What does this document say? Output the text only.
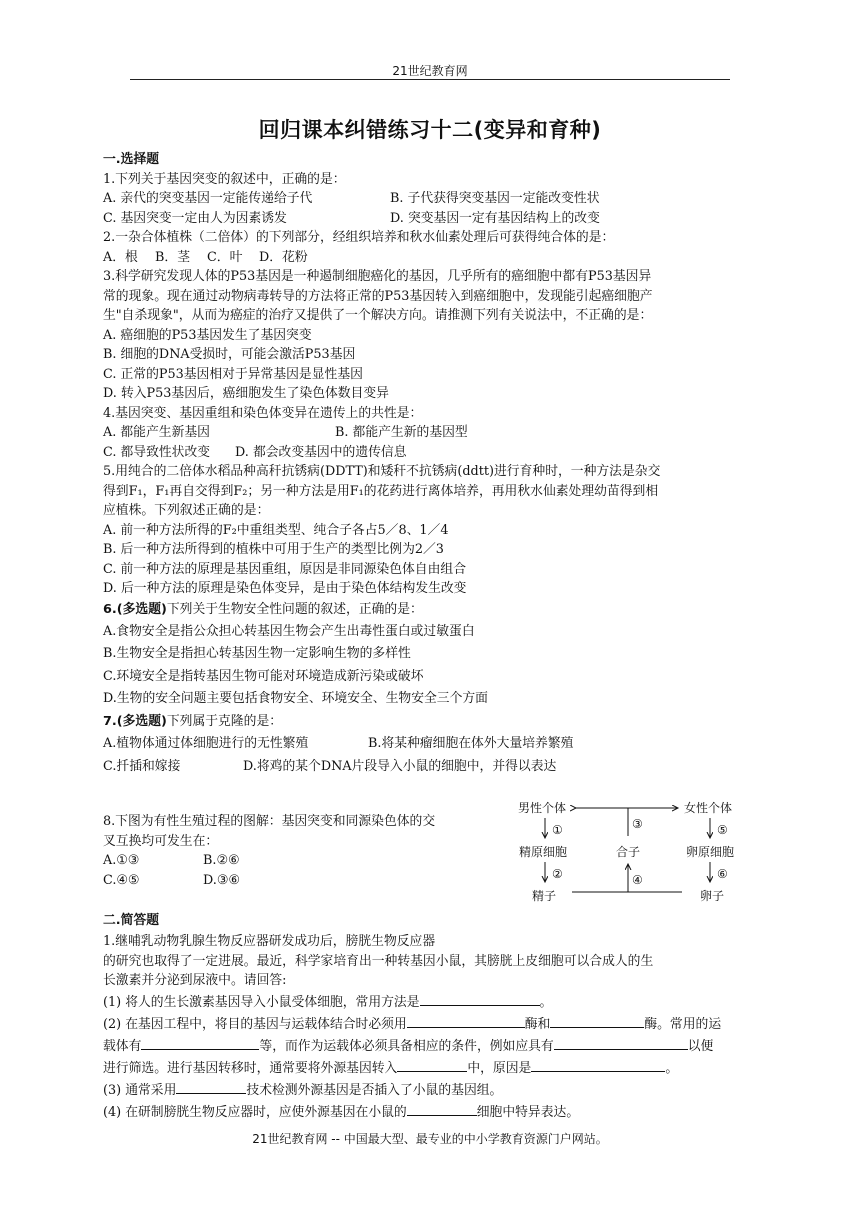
21世纪教育网
回归课本纠错练习十二(变异和育种)

一.选择题

1.下列关于基因突变的叙述中，正确的是：

A. 亲代的突变基因一定能传递给子代	B. 子代获得突变基因一定能改变性状
C. 基因突变一定由人为因素诱发	D. 突变基因一定有基因结构上的改变

2.一杂合体植株（二倍体）的下列部分，经组织培养和秋水仙素处理后可获得纯合体的是：

A．根	B．茎	C．叶	D．花粉

3.科学研究发现人体的P53基因是一种遏制细胞癌化的基因，几乎所有的癌细胞中都有P53基因异

常的现象。现在通过动物病毒转导的方法将正常的P53基因转入到癌细胞中，发现能引起癌细胞产

生"自杀现象"，从而为癌症的治疗又提供了一个解决方向。请推测下列有关说法中，不正确的是：

A. 癌细胞的P53基因发生了基因突变

B. 细胞的DNA受损时，可能会激活P53基因

C. 正常的P53基因相对于异常基因是显性基因

D. 转入P53基因后，癌细胞发生了染色体数目变异

4.基因突变、基因重组和染色体变异在遗传上的共性是：

A. 都能产生新基因	B. 都能产生新的基因型
C. 都导致性状改变	D. 都会改变基因中的遗传信息

5.用纯合的二倍体水稻品种高秆抗锈病(DDTT)和矮秆不抗锈病(ddtt)进行育种时，一种方法是杂交

得到F₁，F₁再自交得到F₂；另一种方法是用F₁的花药进行离体培养，再用秋水仙素处理幼苗得到相

应植株。下列叙述正确的是：

A. 前一种方法所得的F₂中重组类型、纯合子各占5／8、1／4

B. 后一种方法所得到的植株中可用于生产的类型比例为2／3

C. 前一种方法的原理是基因重组，原因是非同源染色体自由组合

D. 后一种方法的原理是染色体变异，是由于染色体结构发生改变

6.(多选题)下列关于生物安全性问题的叙述，正确的是：

A.食物安全是指公众担心转基因生物会产生出毒性蛋白或过敏蛋白

B.生物安全是指担心转基因生物一定影响生物的多样性

C.环境安全是指转基因生物可能对环境造成新污染或破坏

D.生物的安全问题主要包括食物安全、环境安全、生物安全三个方面

7.(多选题)下列属于克隆的是：

A.植物体通过体细胞进行的无性繁殖	B.将某种瘤细胞在体外大量培养繁殖
C.扦插和嫁接	D.将鸡的某个DNA片段导入小鼠的细胞中，并得以表达

8.下图为有性生殖过程的图解：基因突变和同源染色体的交

叉互换均可发生在：

A.①③	B.②⑥
C.④⑤	D.③⑥
男性个体	女性个体
③
①	⑤
精原细胞	合子	卵原细胞
②	⑥
④
精子	卵子

二.简答题

1.继哺乳动物乳腺生物反应器研发成功后，膀胱生物反应器

的研究也取得了一定进展。最近，科学家培育出一种转基因小鼠，其膀胱上皮细胞可以合成人的生

长激素并分泌到尿液中。请回答:

(1) 将人的生长激素基因导入小鼠受体细胞，常用方法是	。

(2) 在基因工程中，将目的基因与运载体结合时必须用	酶和	酶。常用的运

载体有	等，而作为运载体必须具备相应的条件，例如应具有	以便

进行筛选。进行基因转移时，通常要将外源基因转入	中，原因是	。

(3) 通常采用	技术检测外源基因是否插入了小鼠的基因组。

(4) 在研制膀胱生物反应器时，应使外源基因在小鼠的	细胞中特异表达。

21世纪教育网 -- 中国最大型、最专业的中小学教育资源门户网站。
